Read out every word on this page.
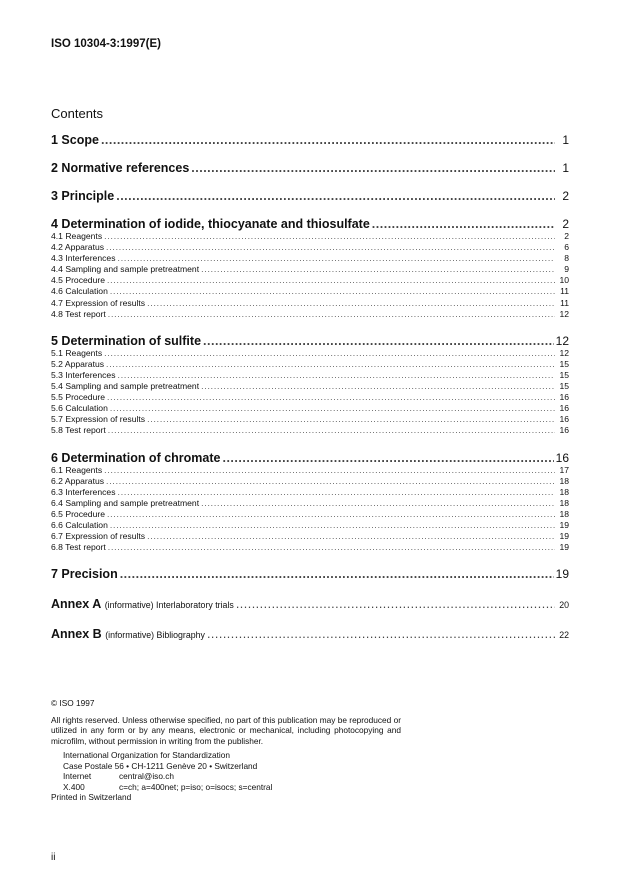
ISO 10304-3:1997(E)
Contents
1 Scope .....	1
2 Normative references .....	1
3 Principle .....	2
4 Determination of iodide, thiocyanate and thiosulfate .....	2
4.1 Reagents .....	2
4.2 Apparatus .....	6
4.3 Interferences .....	8
4.4 Sampling and sample pretreatment .....	9
4.5 Procedure .....	10
4.6 Calculation .....	11
4.7 Expression of results .....	11
4.8 Test report .....	12
5 Determination of sulfite .....	12
5.1 Reagents .....	12
5.2 Apparatus .....	15
5.3 Interferences .....	15
5.4 Sampling and sample pretreatment .....	15
5.5 Procedure .....	16
5.6 Calculation .....	16
5.7 Expression of results .....	16
5.8 Test report .....	16
6 Determination of chromate .....	16
6.1 Reagents .....	17
6.2 Apparatus .....	18
6.3 Interferences .....	18
6.4 Sampling and sample pretreatment .....	18
6.5 Procedure .....	18
6.6 Calculation .....	19
6.7 Expression of results .....	19
6.8 Test report .....	19
7 Precision .....	19
Annex A (informative) Interlaboratory trials .....	20
Annex B (informative) Bibliography .....	22

© ISO 1997

All rights reserved. Unless otherwise specified, no part of this publication may be reproduced or utilized in any form or by any means, electronic or mechanical, including photocopying and microfilm, without permission in writing from the publisher.

International Organization for Standardization

Case Postale 56 • CH-1211 Genève 20 • Switzerland

Internet	central@iso.ch
X.400	c=ch; a=400net; p=iso; o=isocs; s=central

Printed in Switzerland

ii
